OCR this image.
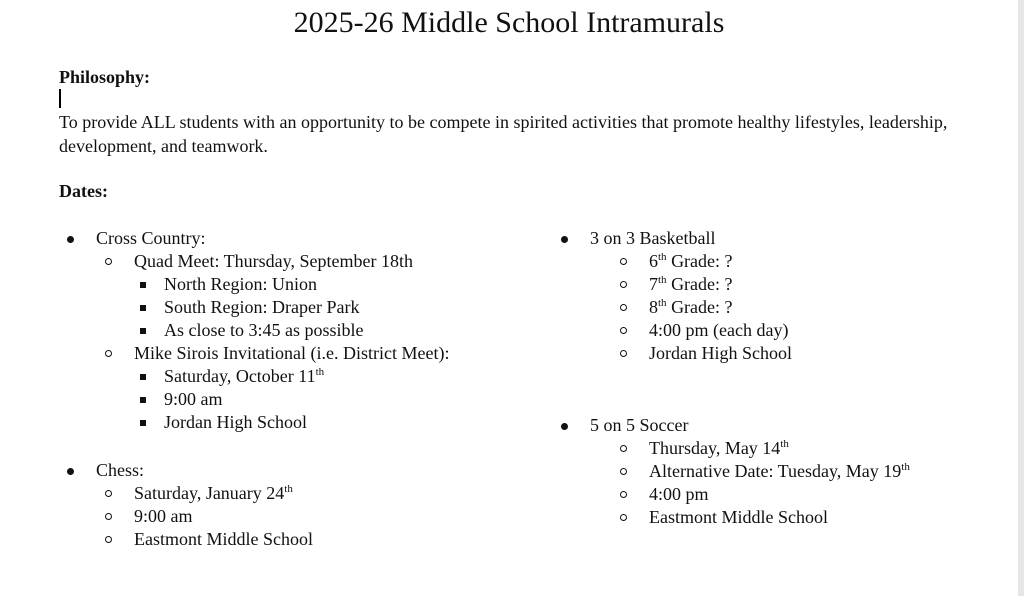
2025-26 Middle School Intramurals
Philosophy:
To provide ALL students with an opportunity to be compete in spirited activities that promote healthy lifestyles, leadership, development, and teamwork.
Dates:
Cross Country:
Quad Meet: Thursday, September 18th
North Region: Union
South Region: Draper Park
As close to 3:45 as possible
Mike Sirois Invitational (i.e. District Meet):
Saturday, October 11th
9:00 am
Jordan High School
Chess:
Saturday, January 24th
9:00 am
Eastmont Middle School
3 on 3 Basketball
6th Grade: ?
7th Grade: ?
8th Grade: ?
4:00 pm (each day)
Jordan High School
5 on 5 Soccer
Thursday, May 14th
Alternative Date: Tuesday, May 19th
4:00 pm
Eastmont Middle School
